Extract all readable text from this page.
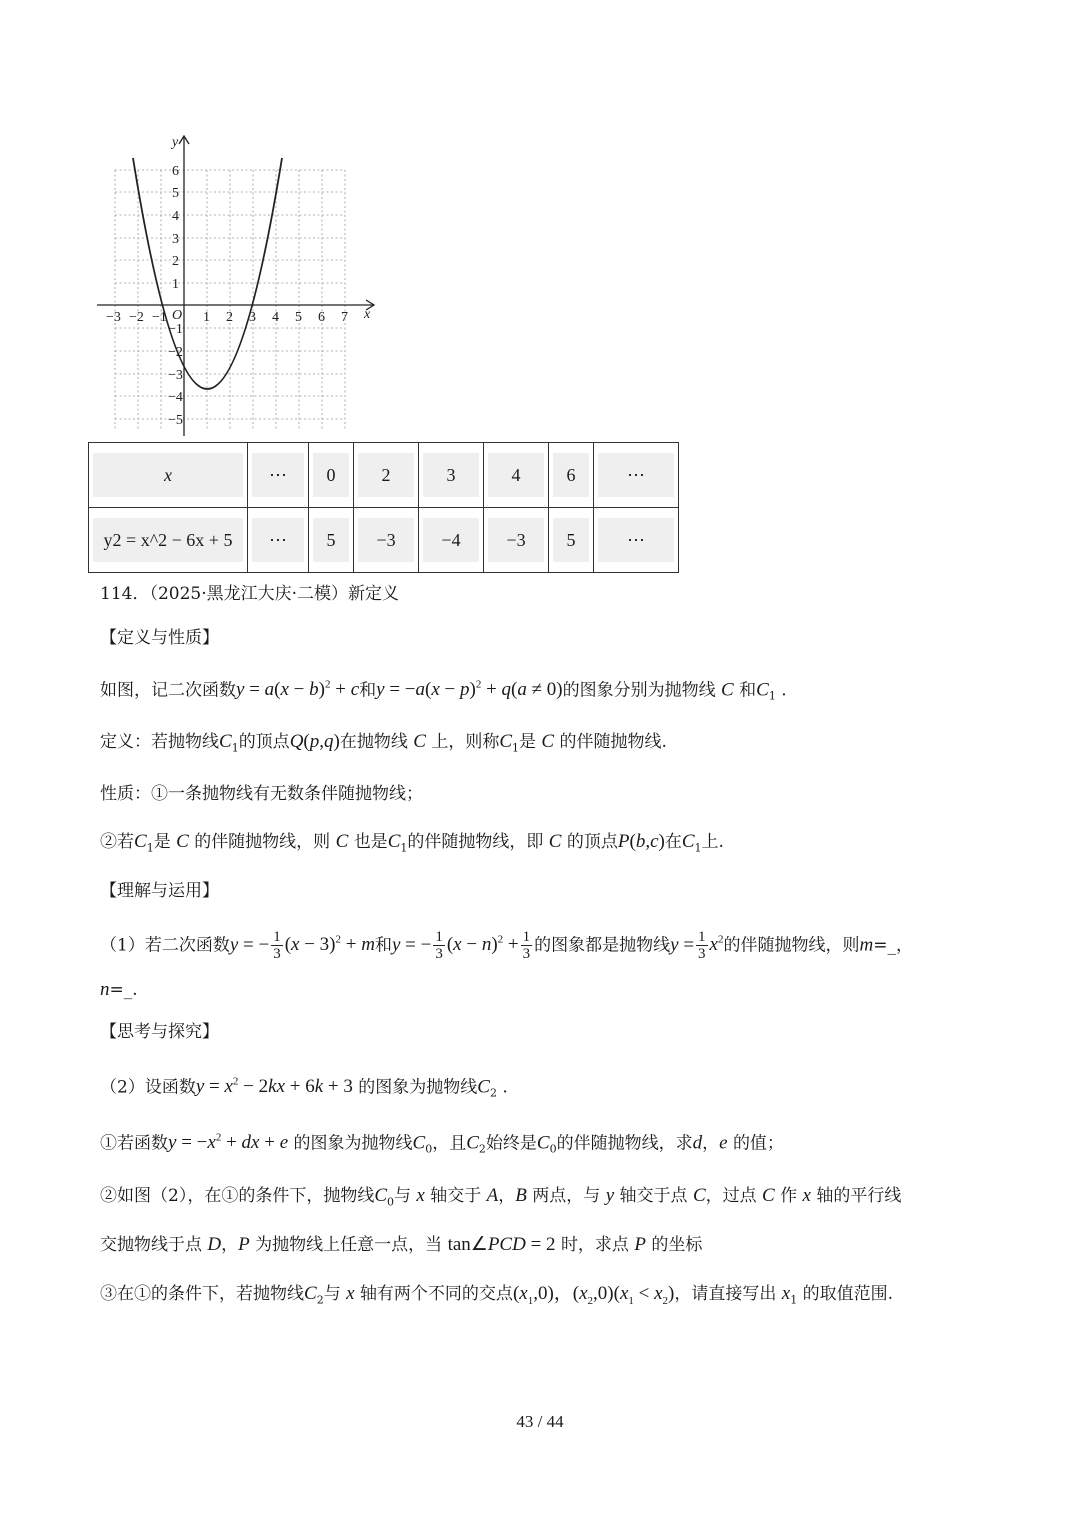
x
y
O
−3 −2 −1	1 2 3 4 5 6 7
6
5
4
3
2
1
−1
−2
−3
−4
−5
x	⋯	0	2	3	4	6	⋯

y2 = x^2 − 6x + 5	⋯	5	−3	−4	−3	5	⋯
114．（2025·黑龙江大庆·二模）新定义
【定义与性质】
如图，记二次函数$y = a(x - b)^2 + c$和$y = -a(x - p)^2 + q(a \ne 0)$的图象分别为抛物线 C 和$C_1$ .
定义：若抛物线$C_1$的顶点Q(p,q)在抛物线 C 上，则称$C_1$是 C 的伴随抛物线.
性质：①一条抛物线有无数条伴随抛物线；
②若$C_1$是 C 的伴随抛物线，则 C 也是$C_1$的伴随抛物线，即 C 的顶点P(b,c)在$C_1$上.
【理解与运用】
（1）若二次函数y = − $\frac{1}{3} (x - 3)^2 + m$和y = − $\frac{1}{3} (x - n)^2 + \frac{1}{3}$ 的图象都是抛物线$y = \frac{1}{3} x^2$的伴随抛物线，则m=_，
n=_.
【思考与探究】
（2）设函数$y = x^2 - 2kx + 6k + 3$ 的图象为抛物线$C_2$ .
①若函数$y = -x^2$ + dx + e 的图象为抛物线$C_0$，且$C_2$始终是$C_0$的伴随抛物线，求d，e 的值；
②如图（2），在①的条件下，抛物线$C_0$与 x 轴交于 A，B 两点，与 y 轴交于点 C，过点 C 作 x 轴的平行线
交抛物线于点 D，P 为抛物线上任意一点，当 tan∠PCD = 2 时，求点 P 的坐标
③在①的条件下，若抛物线$C_2$与 x 轴有两个不同的交点$(x_1,0)$，$(x_2,0)(x_1 < x_2)$，请直接写出 $x_1$ 的取值范围.
43 / 44
